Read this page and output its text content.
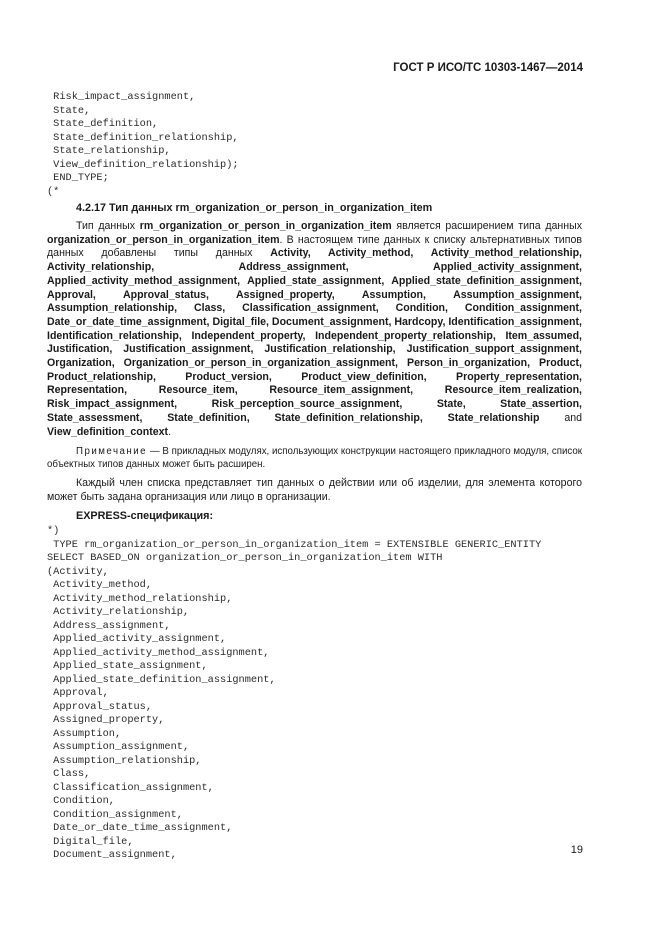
ГОСТ Р ИСО/ТС 10303-1467—2014
Risk_impact_assignment,
State,
State_definition,
State_definition_relationship,
State_relationship,
View_definition_relationship);
END_TYPE;
(*
4.2.17 Тип данных rm_organization_or_person_in_organization_item

Тип данных rm_organization_or_person_in_organization_item является расширением типа данных organization_or_person_in_organization_item. В настоящем типе данных к списку альтернативных типов данных добавлены типы данных Activity, Activity_method, Activity_method_relationship, Activity_relationship, Address_assignment, Applied_activity_assignment, Applied_activity_method_assignment, Applied_state_assignment, Applied_state_definition_assignment, Approval, Approval_status, Assigned_property, Assumption, Assumption_assignment, Assumption_relationship, Class, Classification_assignment, Condition, Condition_assignment, Date_or_date_time_assignment, Digital_file, Document_assignment, Hardcopy, Identification_assignment, Identification_relationship, Independent_property, Independent_property_relationship, Item_assumed, Justification, Justification_assignment, Justification_relationship, Justification_support_assignment, Organization, Organization_or_person_in_organization_assignment, Person_in_organization, Product, Product_relationship, Product_version, Product_view_definition, Property_representation, Representation, Resource_item, Resource_item_assignment, Resource_item_realization, Risk_impact_assignment, Risk_perception_source_assignment, State, State_assertion, State_assessment, State_definition, State_definition_relationship, State_relationship and View_definition_context.

Примечание — В прикладных модулях, использующих конструкции настоящего прикладного модуля, список объектных типов данных может быть расширен.

Каждый член списка представляет тип данных о действии или об изделии, для элемента которого может быть задана организация или лицо в организации.

*)
TYPE rm_organization_or_person_in_organization_item = EXTENSIBLE GENERIC_ENTITY
SELECT BASED_ON organization_or_person_in_organization_item WITH
(Activity,
Activity_method,
Activity_method_relationship,
Activity_relationship,
Address_assignment,
Applied_activity_assignment,
Applied_activity_method_assignment,
Applied_state_assignment,
Applied_state_definition_assignment,
Approval,
Approval_status,
Assigned_property,
Assumption,
Assumption_assignment,
Assumption_relationship,
Class,
Classification_assignment,
Condition,
Condition_assignment,
Date_or_date_time_assignment,
Digital_file,
Document_assignment,	19
EXPRESS-спецификация:
